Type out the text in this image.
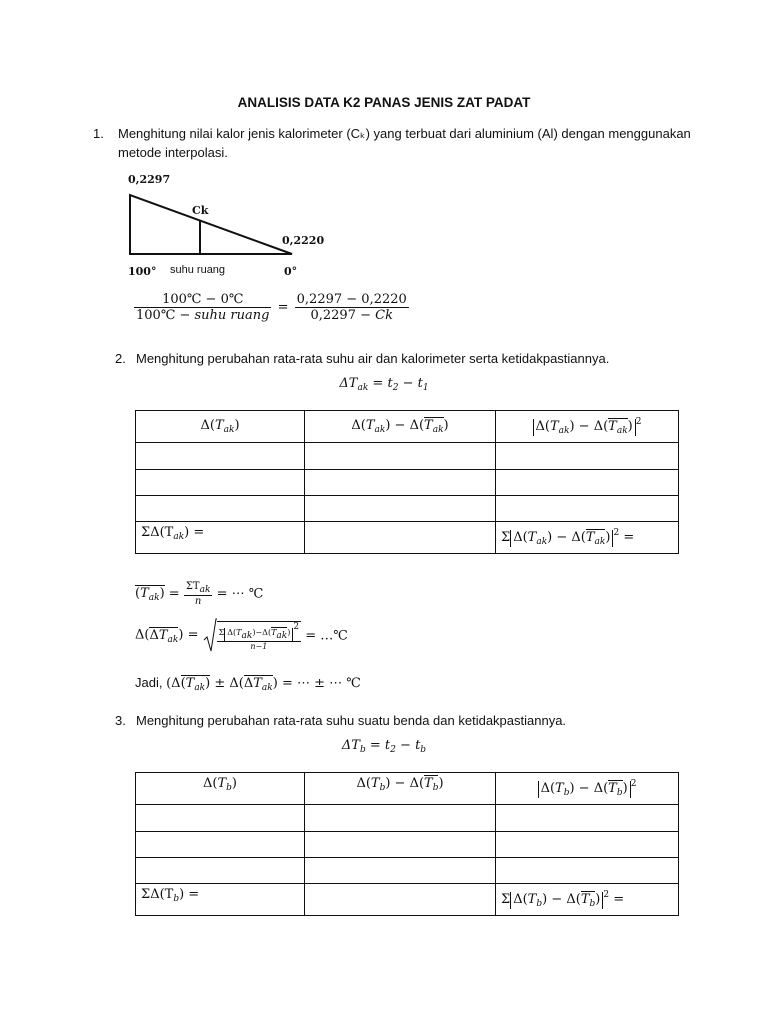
ANALISIS DATA K2 PANAS JENIS ZAT PADAT
1. Menghitung nilai kalor jenis kalorimeter (Cₖ) yang terbuat dari aluminium (Al) dengan menggunakan
metode interpolasi.
0,2297
Ck
0,2220
100° suhu ruang	0°
$\frac{100℃ - 0℃}{\text{100℃ − suhu ruang}} = \frac{0,2297 - 0,2220}{0,2297 - Ck}$
2. Menghitung perubahan rata-rata suhu air dan kalorimeter serta ketidakpastiannya.
$\Delta T_{ak} = t_2 - t_1$
$\Delta(T_{ak})$	$\Delta(T_{ak}) - \Delta(T_{ak})$	$\Delta(T_{ak}) - \Delta(T_{ak})$ $^2$

$\Sigma\Delta(T_{ak})$ =		Σ $\Delta(T_{ak}) - \Delta(T_{ak}) ^2$ =
$(T_{ak}) = \frac{\text{ΣTak}}{n}$ = ⋯ ℃
$\Delta(\Delta T_{ak}) = \frac{\text{Σ Δ(Tak)−Δ(Tak)2}}{n-1}$ = …℃
Jadi, ($\Delta(T_{ak}) \pm \Delta(\Delta T_{ak})$ = ⋯ ± ⋯ ℃
3. Menghitung perubahan rata-rata suhu suatu benda dan ketidakpastiannya.
$\Delta T_b = t_2 - t_b$
$\Delta(T_b)$	$\Delta(T_b) - \Delta(T_b)$	$\Delta(T_b) - \Delta(T_b)$ $^2$

$\Sigma\Delta(T_b)$ =		Σ $\Delta(T_b) - \Delta(T_b) ^2$ =
